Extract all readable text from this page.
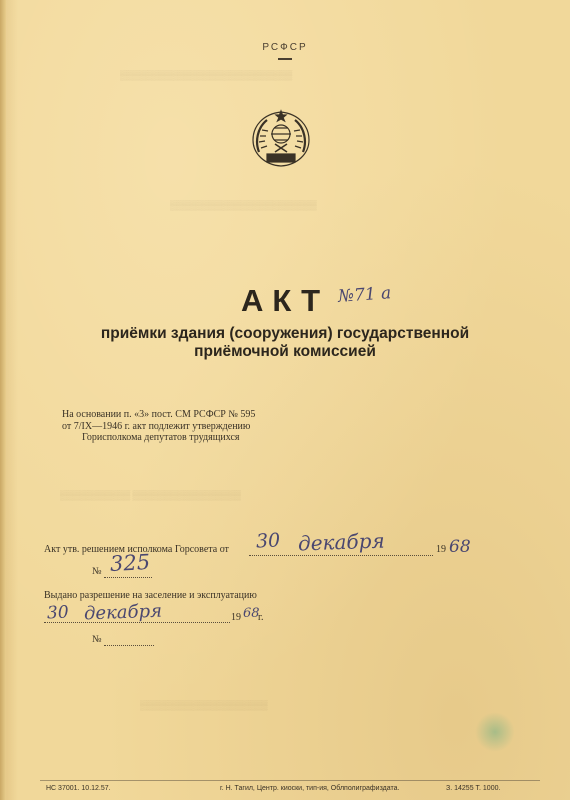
▒▒▒▒▒▒▒▒▒▒▒▒▒▒▒▒▒▒▒▒▒▒▒▒▒▒▒
▒▒▒▒▒▒▒▒▒▒▒▒▒▒▒▒▒▒▒▒▒▒▒
▒▒▒▒▒▒▒▒▒▒▒ ▒▒▒▒▒▒▒▒▒▒▒▒▒▒▒▒▒
▒▒▒▒▒▒▒▒▒▒▒▒▒▒▒▒▒▒▒▒
РСФСР
АКТ №71 а
приёмки здания (сооружения) государственной
приёмочной комиссией
На основании п. «3» пост. СМ РСФСР № 595
от 7/IX—1946 г. акт подлежит утверждению
Горисполкома депутатов трудящихся
Акт утв. решением исполкома Горсовета от 30 декабря	19 68
№ 325
Выдано разрешение на заселение и эксплуатацию
30 декабря	19 68
г.
№
НС 37001. 10.12.57.	г. Н. Тагил, Центр. киоски, тип-ия, Облполиграфиздата.	З. 14255 Т. 1000.
